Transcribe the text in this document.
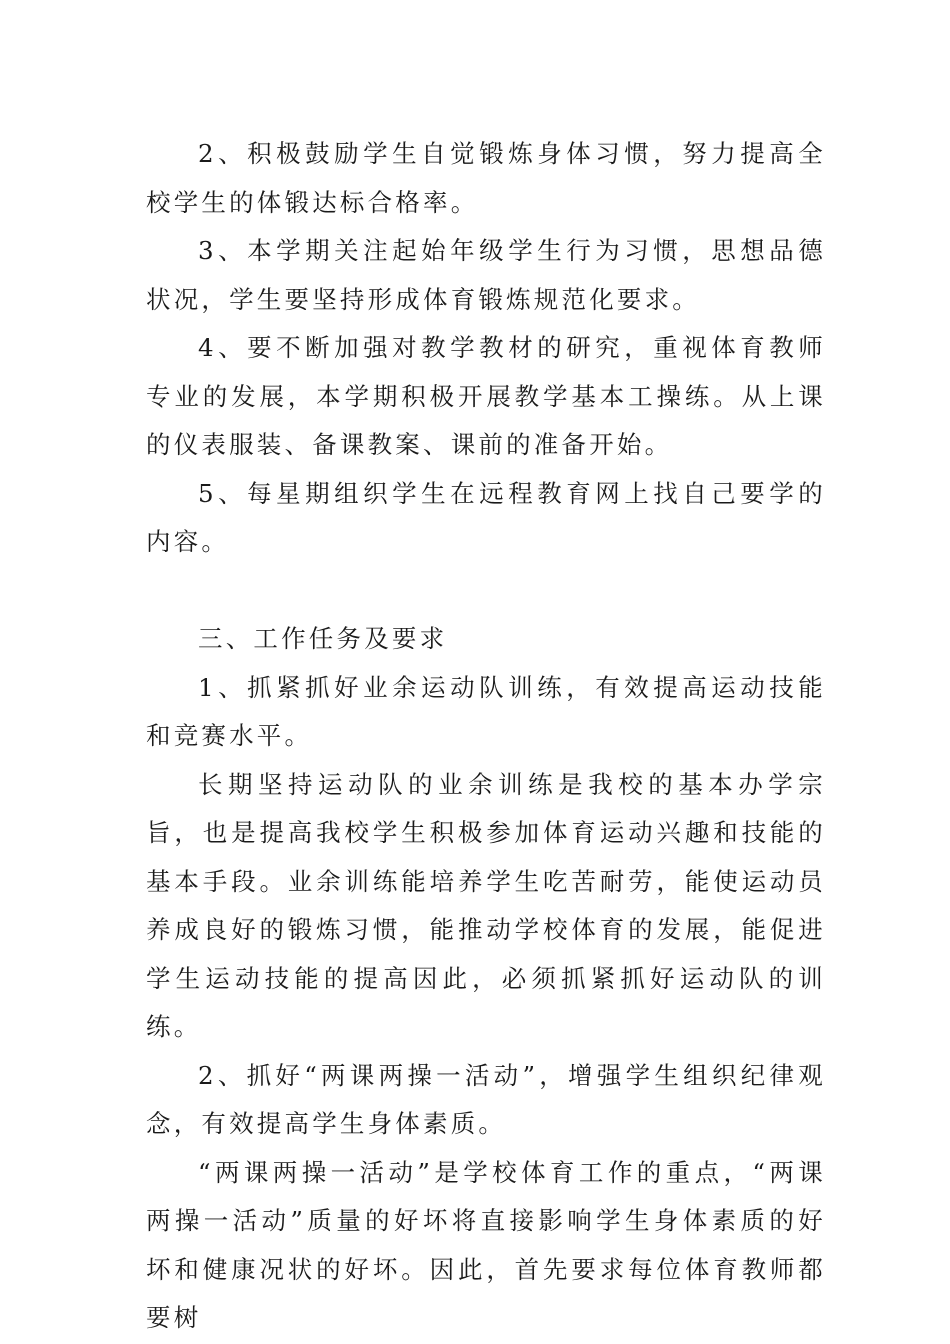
2、积极鼓励学生自觉锻炼身体习惯，努力提高全校学生的体锻达标合格率。

3、本学期关注起始年级学生行为习惯，思想品德状况，学生要坚持形成体育锻炼规范化要求。

4、要不断加强对教学教材的研究，重视体育教师专业的发展，本学期积极开展教学基本工操练。从上课的仪表服装、备课教案、课前的准备开始。

5、每星期组织学生在远程教育网上找自己要学的内容。

三、工作任务及要求

1、抓紧抓好业余运动队训练，有效提高运动技能和竞赛水平。

长期坚持运动队的业余训练是我校的基本办学宗旨，也是提高我校学生积极参加体育运动兴趣和技能的基本手段。业余训练能培养学生吃苦耐劳，能使运动员养成良好的锻炼习惯，能推动学校体育的发展，能促进学生运动技能的提高因此，必须抓紧抓好运动队的训练。

2、抓好“两课两操一活动”，增强学生组织纪律观念，有效提高学生身体素质。

“两课两操一活动”是学校体育工作的重点，“两课两操一活动”质量的好坏将直接影响学生身体素质的好坏和健康况状的好坏。因此，首先要求每位体育教师都要树
